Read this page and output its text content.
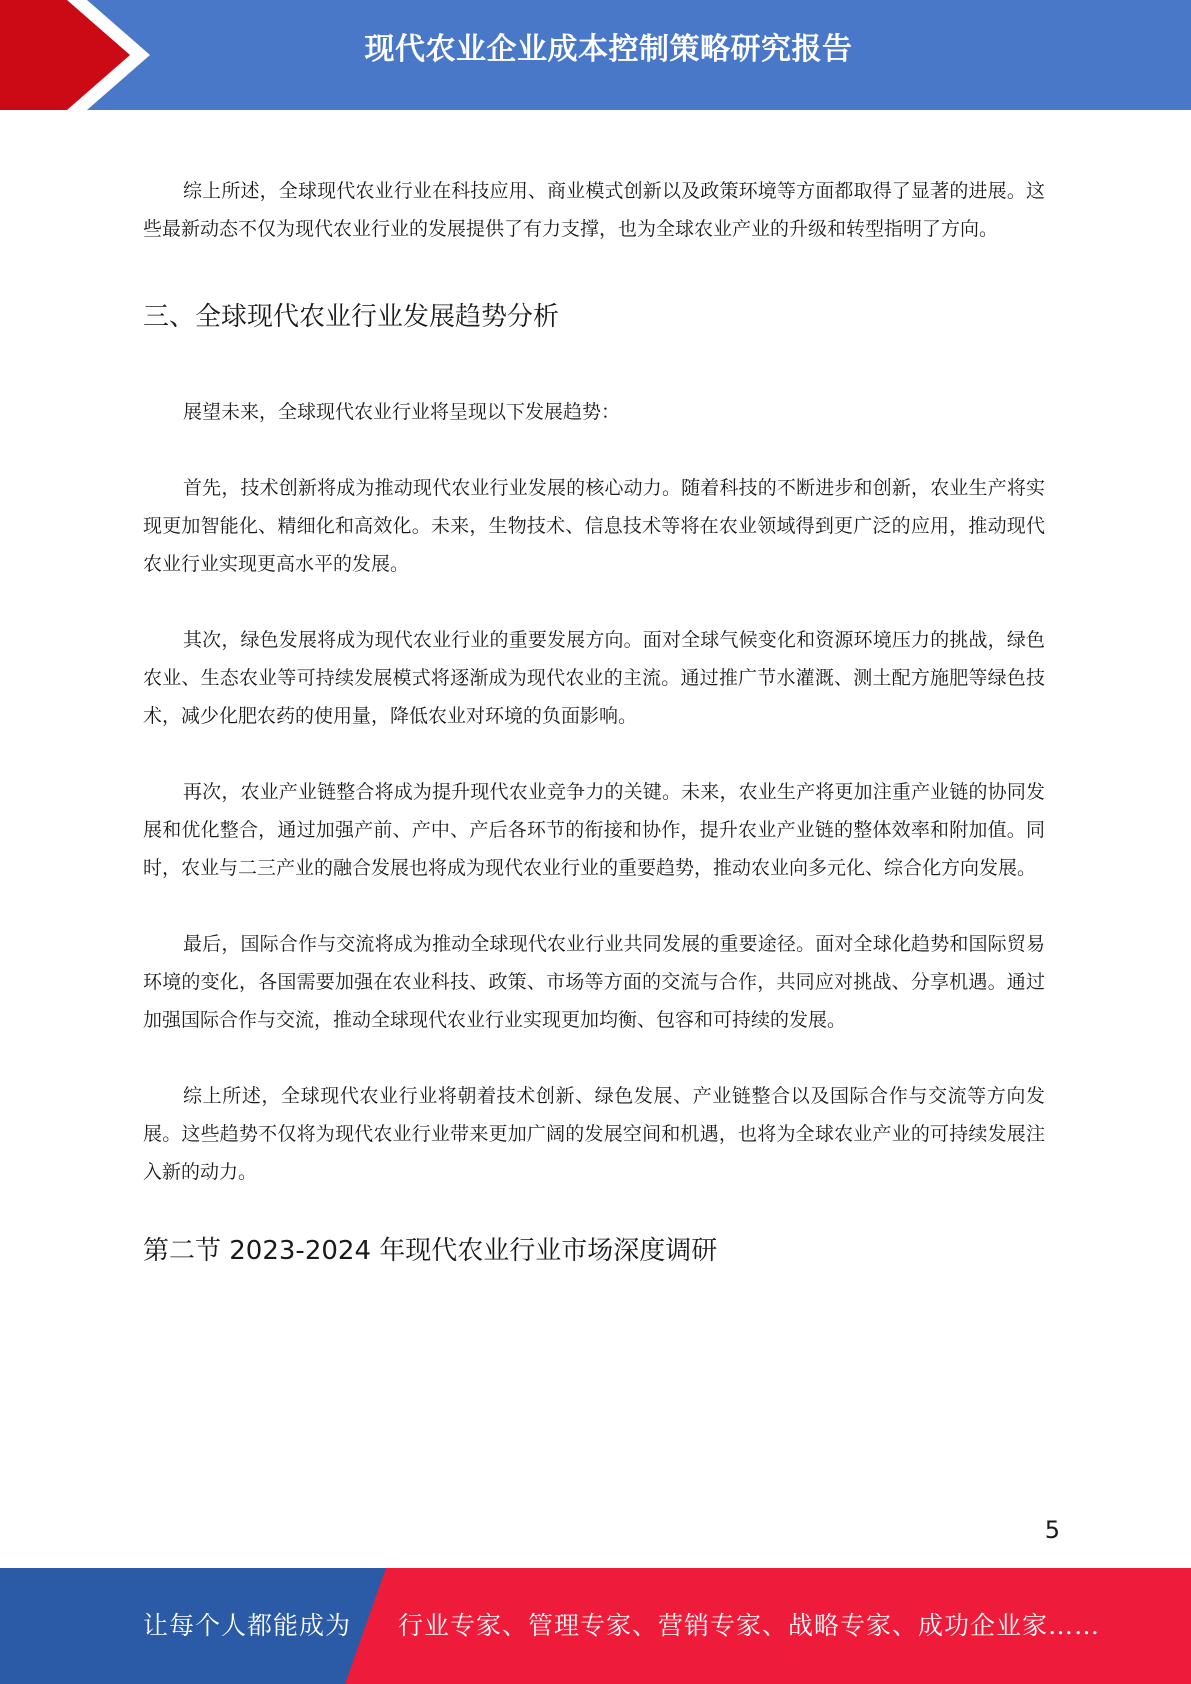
现代农业企业成本控制策略研究报告

综上所述，全球现代农业行业在科技应用、商业模式创新以及政策环境等方面都取得了显著的进展。这些最新动态不仅为现代农业行业的发展提供了有力支撑，也为全球农业产业的升级和转型指明了方向。

三、全球现代农业行业发展趋势分析

展望未来，全球现代农业行业将呈现以下发展趋势：

首先，技术创新将成为推动现代农业行业发展的核心动力。随着科技的不断进步和创新，农业生产将实现更加智能化、精细化和高效化。未来，生物技术、信息技术等将在农业领域得到更广泛的应用，推动现代农业行业实现更高水平的发展。

其次，绿色发展将成为现代农业行业的重要发展方向。面对全球气候变化和资源环境压力的挑战，绿色农业、生态农业等可持续发展模式将逐渐成为现代农业的主流。通过推广节水灌溉、测土配方施肥等绿色技术，减少化肥农药的使用量，降低农业对环境的负面影响。

再次，农业产业链整合将成为提升现代农业竞争力的关键。未来，农业生产将更加注重产业链的协同发展和优化整合，通过加强产前、产中、产后各环节的衔接和协作，提升农业产业链的整体效率和附加值。同时，农业与二三产业的融合发展也将成为现代农业行业的重要趋势，推动农业向多元化、综合化方向发展。

最后，国际合作与交流将成为推动全球现代农业行业共同发展的重要途径。面对全球化趋势和国际贸易环境的变化，各国需要加强在农业科技、政策、市场等方面的交流与合作，共同应对挑战、分享机遇。通过加强国际合作与交流，推动全球现代农业行业实现更加均衡、包容和可持续的发展。

综上所述，全球现代农业行业将朝着技术创新、绿色发展、产业链整合以及国际合作与交流等方向发展。这些趋势不仅将为现代农业行业带来更加广阔的发展空间和机遇，也将为全球农业产业的可持续发展注入新的动力。

第二节 2023-2024 年现代农业行业市场深度调研
5
让每个人都能成为 行业专家、管理专家、营销专家、战略专家、成功企业家……
